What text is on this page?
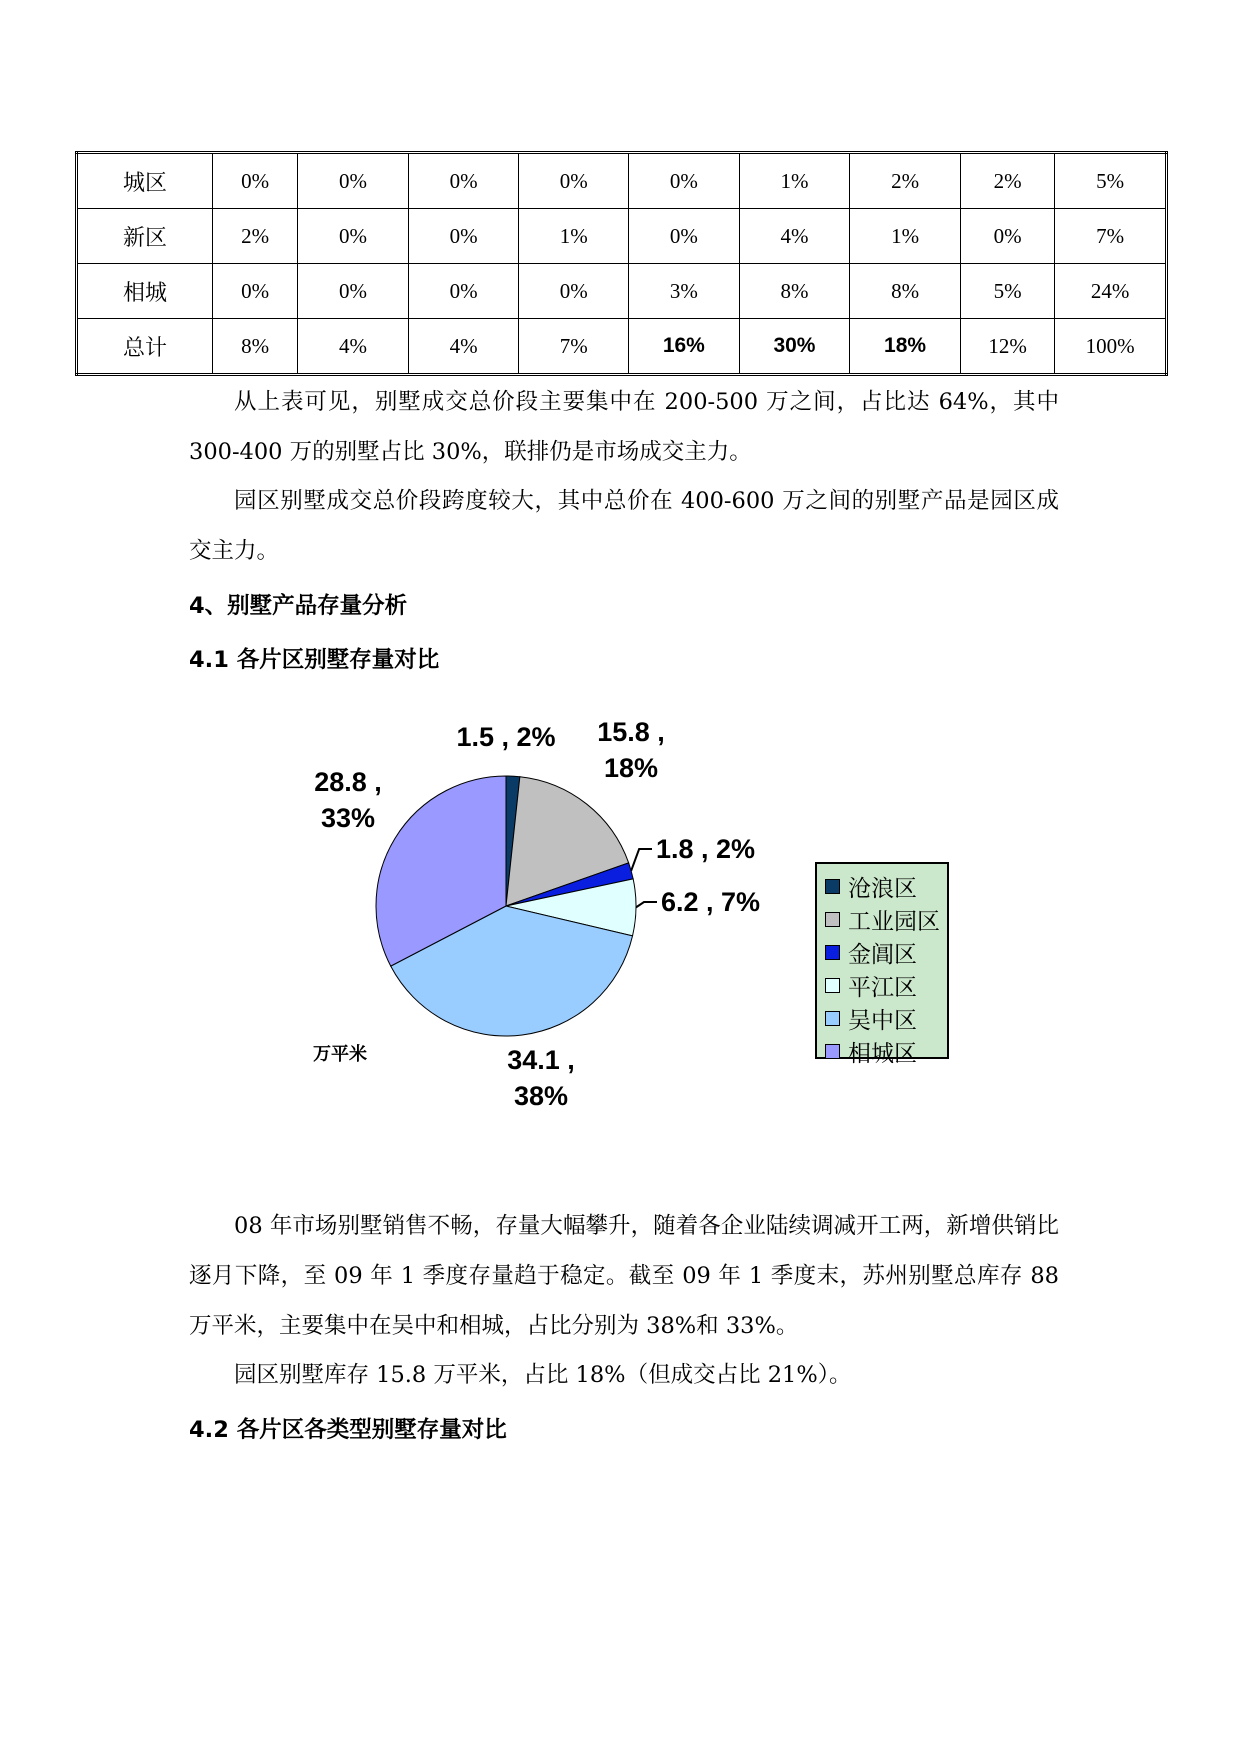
城区	0%	0%	0%	0%	0%	1%	2%	2%	5%
新区	2%	0%	0%	1%	0%	4%	1%	0%	7%
相城	0%	0%	0%	0%	3%	8%	8%	5%	24%
总计	8%	4%	4%	7%	16%	30%	18%	12%	100%
从上表可见，别墅成交总价段主要集中在 200-500 万之间，占比达 64%，其中 300-400 万的别墅占比 30%，联排仍是市场成交主力。
园区别墅成交总价段跨度较大，其中总价在 400-600 万之间的别墅产品是园区成交主力。
4、别墅产品存量分析
4.1 各片区别墅存量对比
1.5 , 2% 15.8 , 18%
1.8 , 2%
6.2 , 7%
34.1 , 38%
28.8 , 33%
沧浪区
工业园区
金阊区
平江区
吴中区
相城区
万平米
08 年市场别墅销售不畅，存量大幅攀升，随着各企业陆续调减开工两，新增供销比逐月下降，至 09 年 1 季度存量趋于稳定。截至 09 年 1 季度末，苏州别墅总库存 88 万平米，主要集中在吴中和相城，占比分别为 38%和 33%。
园区别墅库存 15.8 万平米，占比 18%（但成交占比 21%）。
4.2 各片区各类型别墅存量对比
